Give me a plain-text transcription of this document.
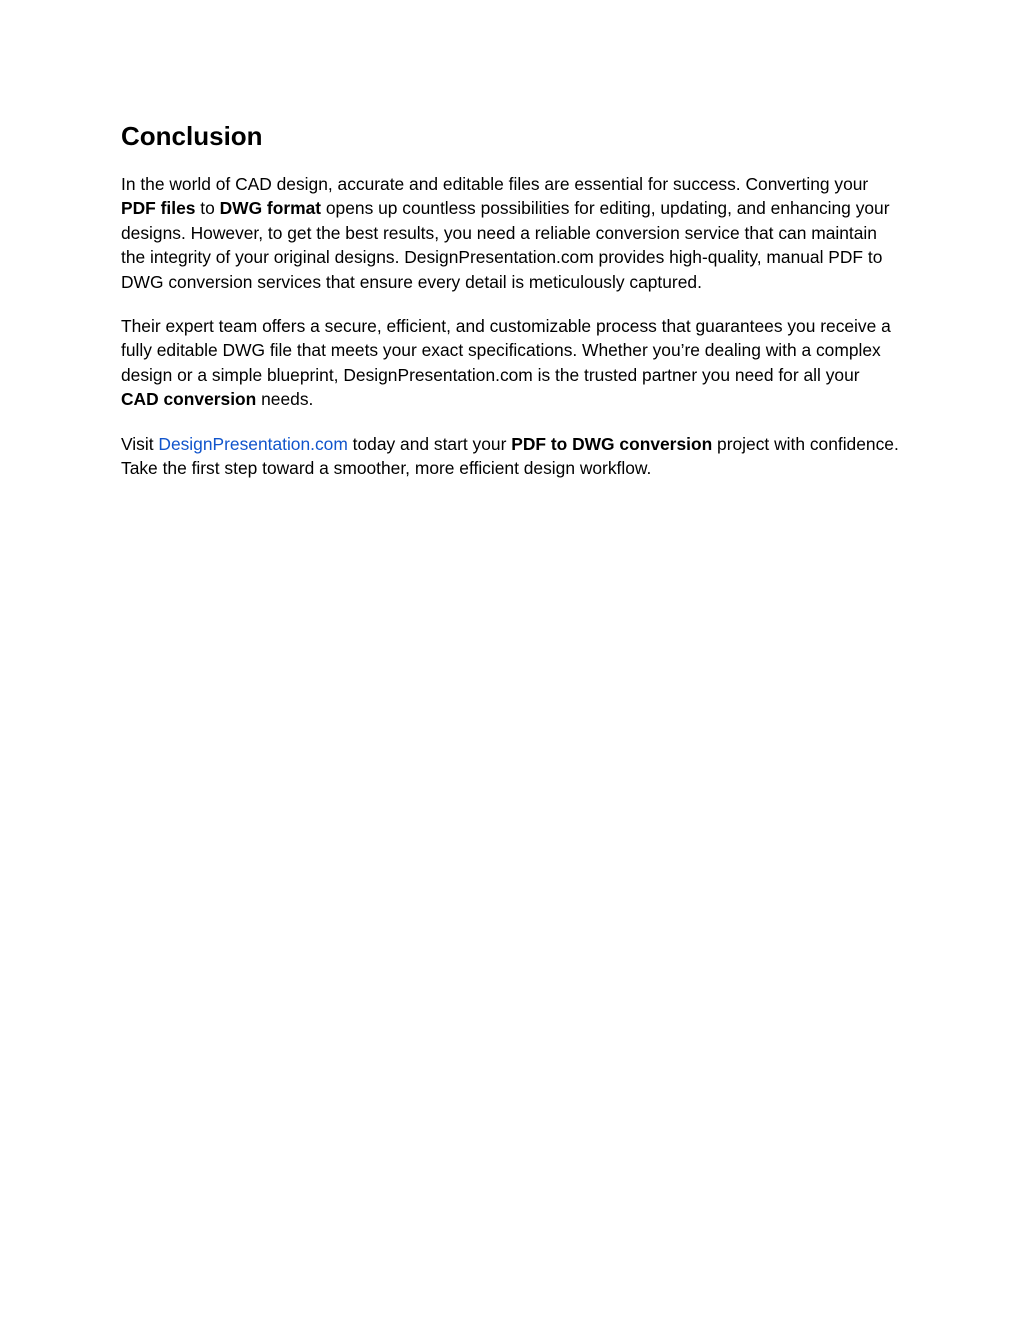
Conclusion

In the world of CAD design, accurate and editable files are essential for success. Converting your PDF files to DWG format opens up countless possibilities for editing, updating, and enhancing your designs. However, to get the best results, you need a reliable conversion service that can maintain the integrity of your original designs. DesignPresentation.com provides high-quality, manual PDF to DWG conversion services that ensure every detail is meticulously captured.

Their expert team offers a secure, efficient, and customizable process that guarantees you receive a fully editable DWG file that meets your exact specifications. Whether you’re dealing with a complex design or a simple blueprint, DesignPresentation.com is the trusted partner you need for all your CAD conversion needs.

Visit DesignPresentation.com today and start your PDF to DWG conversion project with confidence. Take the first step toward a smoother, more efficient design workflow.
